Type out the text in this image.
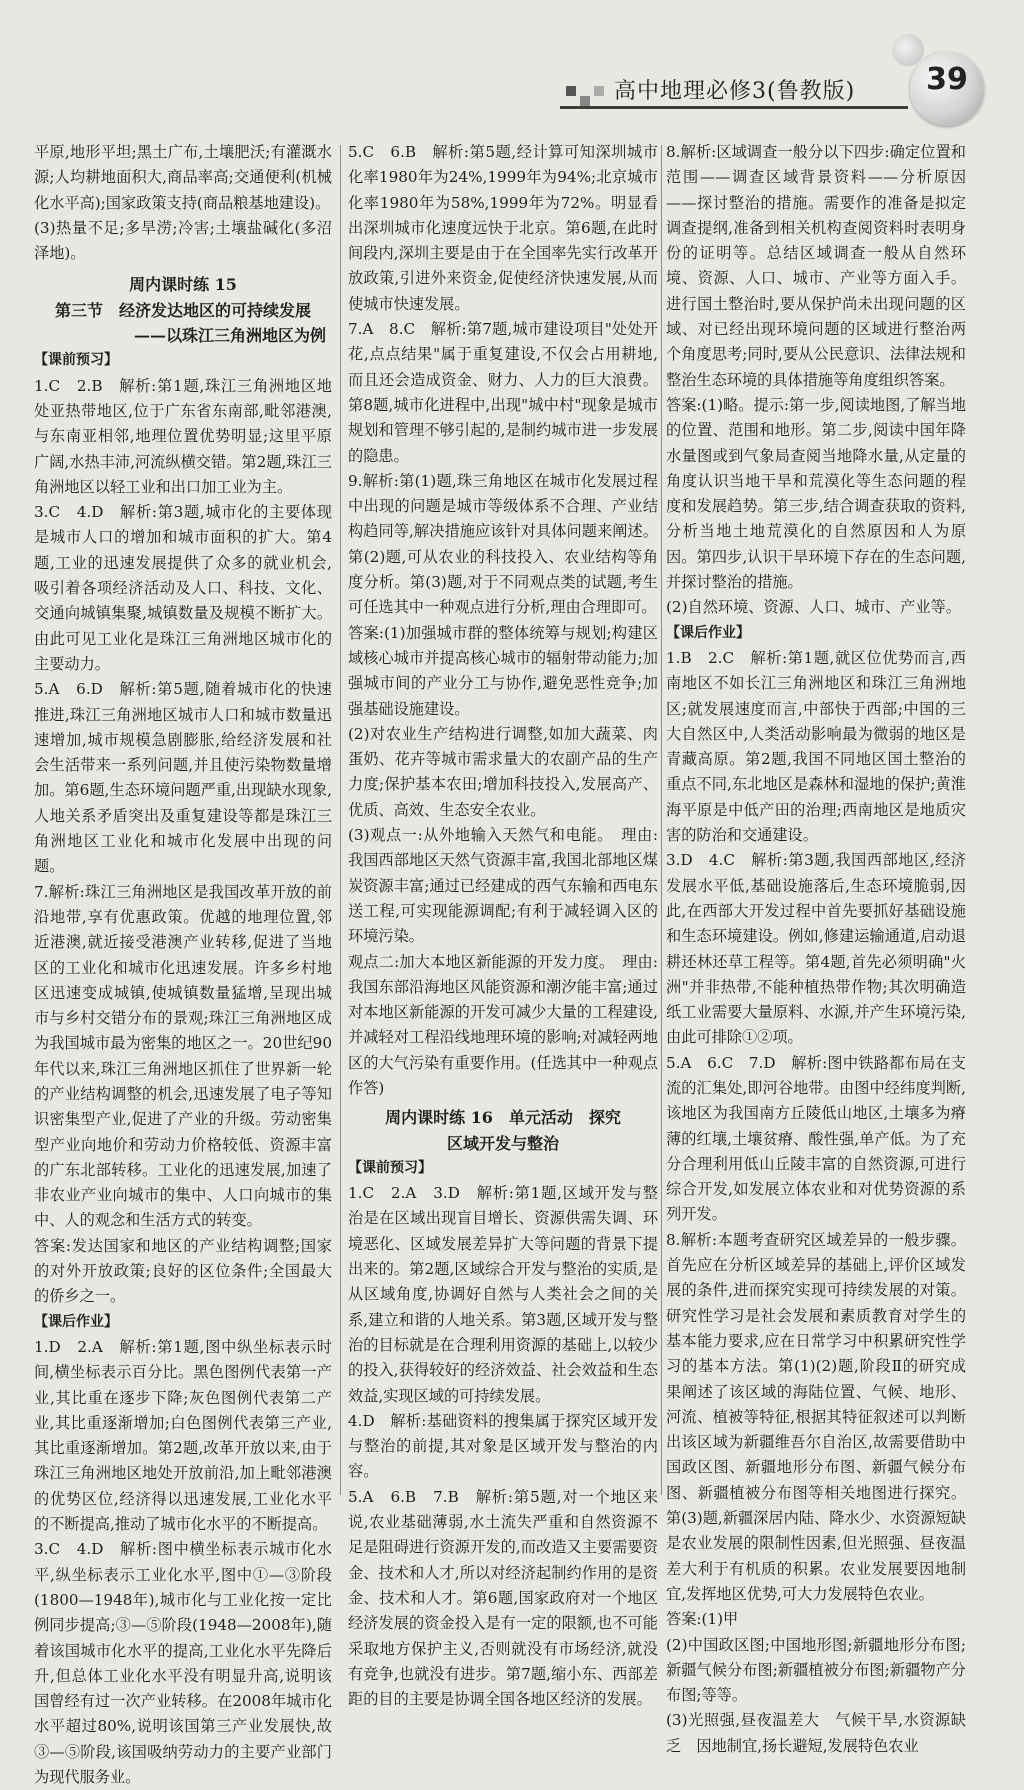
高中地理必修3(鲁教版) 39

平原,地形平坦;黑土广布,土壤肥沃;有灌溉水源;人均耕地面积大,商品率高;交通便利(机械化水平高);国家政策支持(商品粮基地建设)。

(3)热量不足;多旱涝;冷害;土壤盐碱化(多沼泽地)。

周内课时练 15

第三节　经济发达地区的可持续发展

——以珠江三角洲地区为例

【课前预习】

1.C　2.B　解析:第1题,珠江三角洲地区地处亚热带地区,位于广东省东南部,毗邻港澳,与东南亚相邻,地理位置优势明显;这里平原广阔,水热丰沛,河流纵横交错。第2题,珠江三角洲地区以轻工业和出口加工业为主。

3.C　4.D　解析:第3题,城市化的主要体现是城市人口的增加和城市面积的扩大。第4题,工业的迅速发展提供了众多的就业机会,吸引着各项经济活动及人口、科技、文化、交通向城镇集聚,城镇数量及规模不断扩大。由此可见工业化是珠江三角洲地区城市化的主要动力。

5.A　6.D　解析:第5题,随着城市化的快速推进,珠江三角洲地区城市人口和城市数量迅速增加,城市规模急剧膨胀,给经济发展和社会生活带来一系列问题,并且使污染物数量增加。第6题,生态环境问题严重,出现缺水现象,人地关系矛盾突出及重复建设等都是珠江三角洲地区工业化和城市化发展中出现的问题。

7.解析:珠江三角洲地区是我国改革开放的前沿地带,享有优惠政策。优越的地理位置,邻近港澳,就近接受港澳产业转移,促进了当地区的工业化和城市化迅速发展。许多乡村地区迅速变成城镇,使城镇数量猛增,呈现出城市与乡村交错分布的景观;珠江三角洲地区成为我国城市最为密集的地区之一。20世纪90年代以来,珠江三角洲地区抓住了世界新一轮的产业结构调整的机会,迅速发展了电子等知识密集型产业,促进了产业的升级。劳动密集型产业向地价和劳动力价格较低、资源丰富的广东北部转移。工业化的迅速发展,加速了非农业产业向城市的集中、人口向城市的集中、人的观念和生活方式的转变。

答案:发达国家和地区的产业结构调整;国家的对外开放政策;良好的区位条件;全国最大的侨乡之一。

【课后作业】

1.D　2.A　解析:第1题,图中纵坐标表示时间,横坐标表示百分比。黑色图例代表第一产业,其比重在逐步下降;灰色图例代表第二产业,其比重逐渐增加;白色图例代表第三产业,其比重逐渐增加。第2题,改革开放以来,由于珠江三角洲地区地处开放前沿,加上毗邻港澳的优势区位,经济得以迅速发展,工业化水平的不断提高,推动了城市化水平的不断提高。

3.C　4.D　解析:图中横坐标表示城市化水平,纵坐标表示工业化水平,图中①—③阶段(1800—1948年),城市化与工业化按一定比例同步提高;③—⑤阶段(1948—2008年),随着该国城市化水平的提高,工业化水平先降后升,但总体工业化水平没有明显升高,说明该国曾经有过一次产业转移。在2008年城市化水平超过80%,说明该国第三产业发展快,故③—⑤阶段,该国吸纳劳动力的主要产业部门为现代服务业。

5.C　6.B　解析:第5题,经计算可知深圳城市化率1980年为24%,1999年为94%;北京城市化率1980年为58%,1999年为72%。明显看出深圳城市化速度远快于北京。第6题,在此时间段内,深圳主要是由于在全国率先实行改革开放政策,引进外来资金,促使经济快速发展,从而使城市快速发展。

7.A　8.C　解析:第7题,城市建设项目"处处开花,点点结果"属于重复建设,不仅会占用耕地,而且还会造成资金、财力、人力的巨大浪费。第8题,城市化进程中,出现"城中村"现象是城市规划和管理不够引起的,是制约城市进一步发展的隐患。

9.解析:第(1)题,珠三角地区在城市化发展过程中出现的问题是城市等级体系不合理、产业结构趋同等,解决措施应该针对具体问题来阐述。第(2)题,可从农业的科技投入、农业结构等角度分析。第(3)题,对于不同观点类的试题,考生可任选其中一种观点进行分析,理由合理即可。

答案:(1)加强城市群的整体统筹与规划;构建区域核心城市并提高核心城市的辐射带动能力;加强城市间的产业分工与协作,避免恶性竞争;加强基础设施建设。

(2)对农业生产结构进行调整,如加大蔬菜、肉蛋奶、花卉等城市需求量大的农副产品的生产力度;保护基本农田;增加科技投入,发展高产、优质、高效、生态安全农业。

(3)观点一:从外地输入天然气和电能。　理由:我国西部地区天然气资源丰富,我国北部地区煤炭资源丰富;通过已经建成的西气东输和西电东送工程,可实现能源调配;有利于减轻调入区的环境污染。

观点二:加大本地区新能源的开发力度。　理由:我国东部沿海地区风能资源和潮汐能丰富;通过对本地区新能源的开发可减少大量的工程建设,并减轻对工程沿线地理环境的影响;对减轻两地区的大气污染有重要作用。(任选其中一种观点作答)

周内课时练 16　单元活动　探究

区域开发与整治

【课前预习】

1.C　2.A　3.D　解析:第1题,区域开发与整治是在区域出现盲目增长、资源供需失调、环境恶化、区域发展差异扩大等问题的背景下提出来的。第2题,区域综合开发与整治的实质,是从区域角度,协调好自然与人类社会之间的关系,建立和谐的人地关系。第3题,区域开发与整治的目标就是在合理利用资源的基础上,以较少的投入,获得较好的经济效益、社会效益和生态效益,实现区域的可持续发展。

4.D　解析:基础资料的搜集属于探究区域开发与整治的前提,其对象是区域开发与整治的内容。

5.A　6.B　7.B　解析:第5题,对一个地区来说,农业基础薄弱,水土流失严重和自然资源不足是阻碍进行资源开发的,而改造又主要需要资金、技术和人才,所以对经济起制约作用的是资金、技术和人才。第6题,国家政府对一个地区经济发展的资金投入是有一定的限额,也不可能采取地方保护主义,否则就没有市场经济,就没有竞争,也就没有进步。第7题,缩小东、西部差距的目的主要是协调全国各地区经济的发展。

8.解析:区域调查一般分以下四步:确定位置和范围——调查区域背景资料——分析原因——探讨整治的措施。需要作的准备是拟定调查提纲,准备到相关机构查阅资料时表明身份的证明等。总结区域调查一般从自然环境、资源、人口、城市、产业等方面入手。进行国土整治时,要从保护尚未出现问题的区域、对已经出现环境问题的区域进行整治两个角度思考;同时,要从公民意识、法律法规和整治生态环境的具体措施等角度组织答案。

答案:(1)略。提示:第一步,阅读地图,了解当地的位置、范围和地形。第二步,阅读中国年降水量图或到气象局查阅当地降水量,从定量的角度认识当地干旱和荒漠化等生态问题的程度和发展趋势。第三步,结合调查获取的资料,分析当地土地荒漠化的自然原因和人为原因。第四步,认识干旱环境下存在的生态问题,并探讨整治的措施。

(2)自然环境、资源、人口、城市、产业等。

【课后作业】

1.B　2.C　解析:第1题,就区位优势而言,西南地区不如长江三角洲地区和珠江三角洲地区;就发展速度而言,中部快于西部;中国的三大自然区中,人类活动影响最为微弱的地区是青藏高原。第2题,我国不同地区国土整治的重点不同,东北地区是森林和湿地的保护;黄淮海平原是中低产田的治理;西南地区是地质灾害的防治和交通建设。

3.D　4.C　解析:第3题,我国西部地区,经济发展水平低,基础设施落后,生态环境脆弱,因此,在西部大开发过程中首先要抓好基础设施和生态环境建设。例如,修建运输通道,启动退耕还林还草工程等。第4题,首先必须明确"火洲"并非热带,不能种植热带作物;其次明确造纸工业需要大量原料、水源,并产生环境污染,由此可排除①②项。

5.A　6.C　7.D　解析:图中铁路都布局在支流的汇集处,即河谷地带。由图中经纬度判断,该地区为我国南方丘陵低山地区,土壤多为瘠薄的红壤,土壤贫瘠、酸性强,单产低。为了充分合理利用低山丘陵丰富的自然资源,可进行综合开发,如发展立体农业和对优势资源的系列开发。

8.解析:本题考查研究区域差异的一般步骤。首先应在分析区域差异的基础上,评价区域发展的条件,进而探究实现可持续发展的对策。研究性学习是社会发展和素质教育对学生的基本能力要求,应在日常学习中积累研究性学习的基本方法。第(1)(2)题,阶段Ⅱ的研究成果阐述了该区域的海陆位置、气候、地形、河流、植被等特征,根据其特征叙述可以判断出该区域为新疆维吾尔自治区,故需要借助中国政区图、新疆地形分布图、新疆气候分布图、新疆植被分布图等相关地图进行探究。第(3)题,新疆深居内陆、降水少、水资源短缺是农业发展的限制性因素,但光照强、昼夜温差大利于有机质的积累。农业发展要因地制宜,发挥地区优势,可大力发展特色农业。

答案:(1)甲

(2)中国政区图;中国地形图;新疆地形分布图;新疆气候分布图;新疆植被分布图;新疆物产分布图;等等。

(3)光照强,昼夜温差大　气候干旱,水资源缺乏　因地制宜,扬长避短,发展特色农业
